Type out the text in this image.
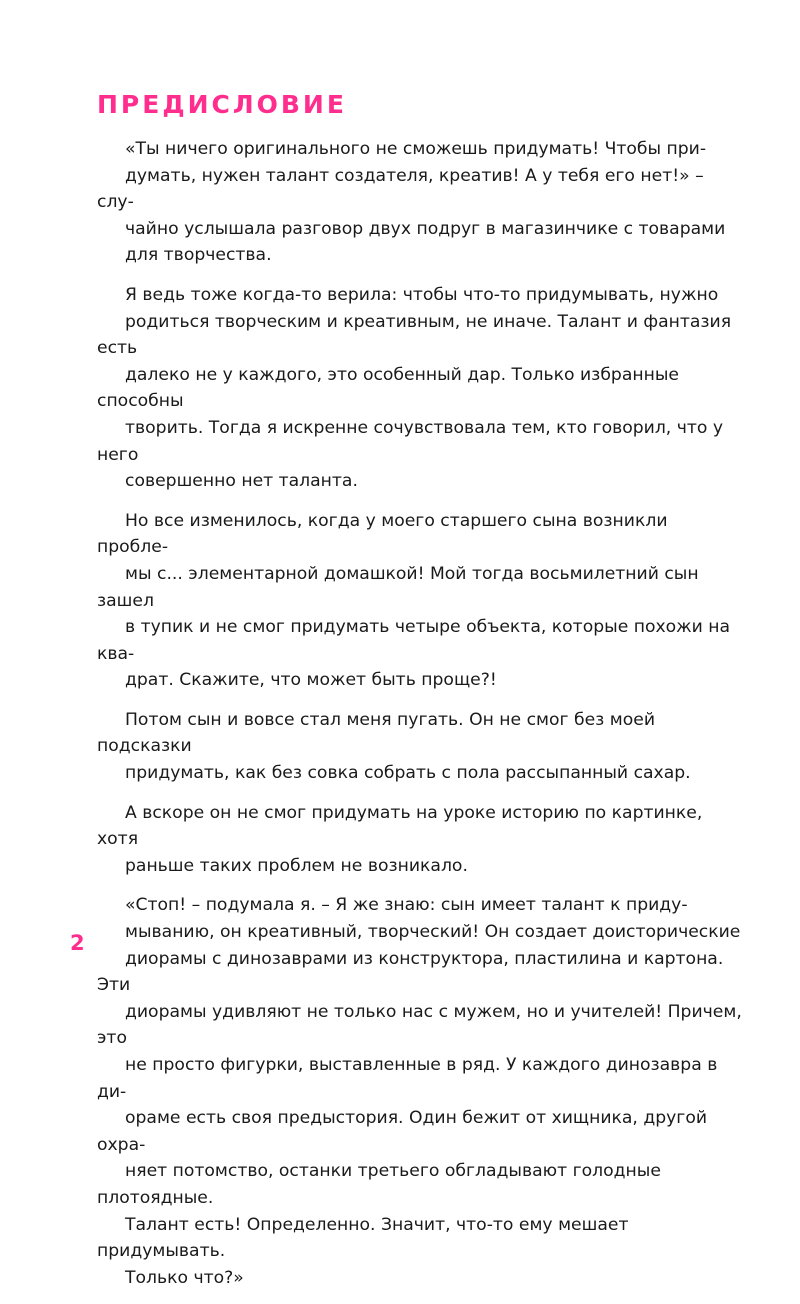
ПРЕДИСЛОВИЕ

«Ты ничего оригинального не сможешь придумать! Чтобы при-
думать, нужен талант создателя, креатив! А у тебя его нет!» – слу-
чайно услышала разговор двух подруг в магазинчике с товарами
для творчества.

Я ведь тоже когда-то верила: чтобы что-то придумывать, нужно
родиться творческим и креативным, не иначе. Талант и фантазия есть
далеко не у каждого, это особенный дар. Только избранные способны
творить. Тогда я искренне сочувствовала тем, кто говорил, что у него
совершенно нет таланта.

Но все изменилось, когда у моего старшего сына возникли пробле-
мы с... элементарной домашкой! Мой тогда восьмилетний сын зашел
в тупик и не смог придумать четыре объекта, которые похожи на ква-
драт. Скажите, что может быть проще?!

Потом сын и вовсе стал меня пугать. Он не смог без моей подсказки
придумать, как без совка собрать с пола рассыпанный сахар.

А вскоре он не смог придумать на уроке историю по картинке, хотя
раньше таких проблем не возникало.

«Стоп! – подумала я. – Я же знаю: сын имеет талант к приду-
мыванию, он креативный, творческий! Он создает доисторические
диорамы с динозаврами из конструктора, пластилина и картона. Эти
диорамы удивляют не только нас с мужем, но и учителей! Причем, это
не просто фигурки, выставленные в ряд. У каждого динозавра в ди-
ораме есть своя предыстория. Один бежит от хищника, другой охра-
няет потомство, останки третьего обгладывают голодные плотоядные.
Талант есть! Определенно. Значит, что-то ему мешает придумывать.
Только что?»

2
